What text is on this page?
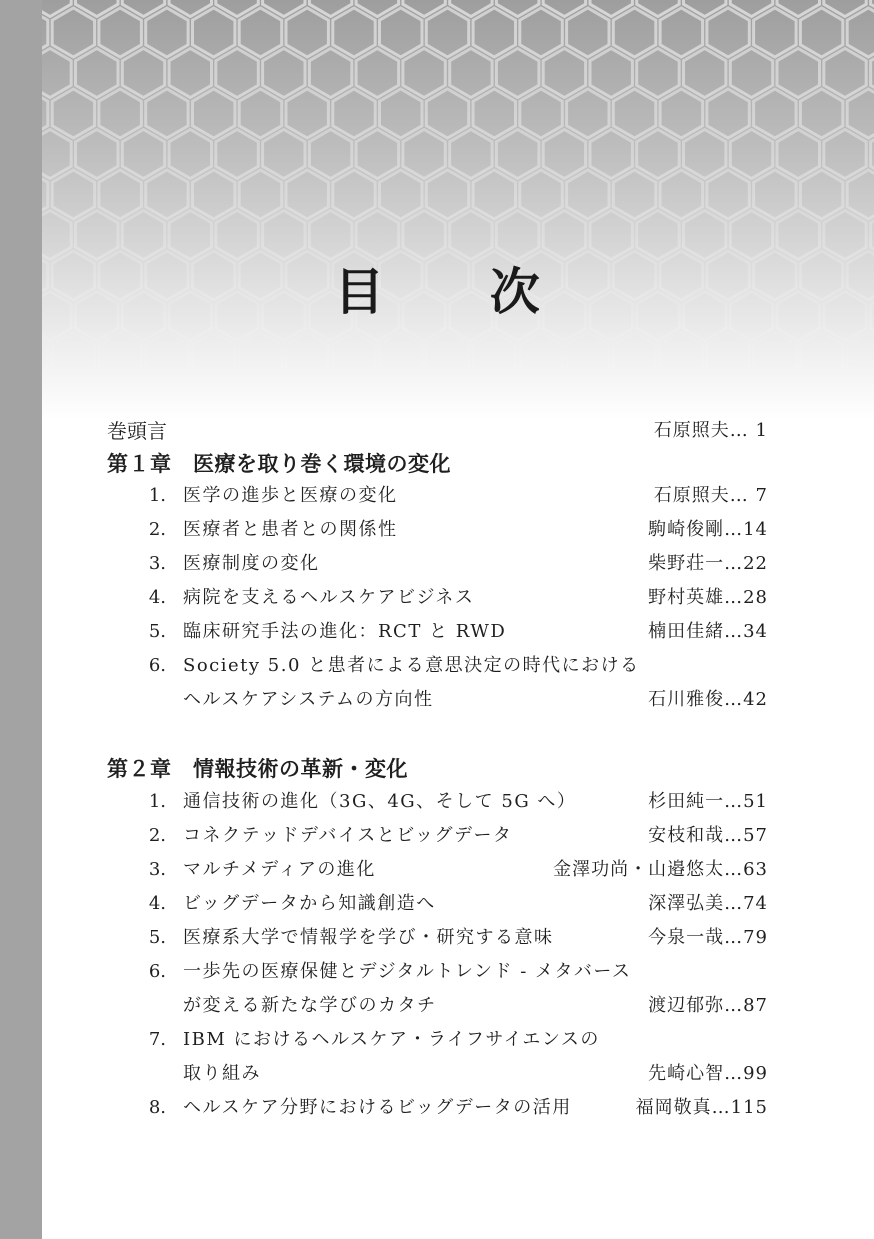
目 次
巻頭言	石原照夫… 1
第１章　医療を取り巻く環境の変化
1. 医学の進歩と医療の変化	石原照夫… 7
2. 医療者と患者との関係性	駒崎俊剛…14
3. 医療制度の変化	柴野荘一…22
4. 病院を支えるヘルスケアビジネス	野村英雄…28
5. 臨床研究手法の進化：RCT と RWD	楠田佳緒…34
6. Society 5.0 と患者による意思決定の時代における
ヘルスケアシステムの方向性	石川雅俊…42
第２章　情報技術の革新・変化
1. 通信技術の進化（3G、4G、そして 5G へ）	杉田純一…51
2. コネクテッドデバイスとビッグデータ	安枝和哉…57
3. マルチメディアの進化	金澤功尚・山邉悠太…63
4. ビッグデータから知識創造へ	深澤弘美…74
5. 医療系大学で情報学を学び・研究する意味	今泉一哉…79
6. 一歩先の医療保健とデジタルトレンド - メタバース
が変える新たな学びのカタチ	渡辺郁弥…87
7. IBM におけるヘルスケア・ライフサイエンスの
取り組み	先崎心智…99
8. ヘルスケア分野におけるビッグデータの活用	福岡敬真…115
